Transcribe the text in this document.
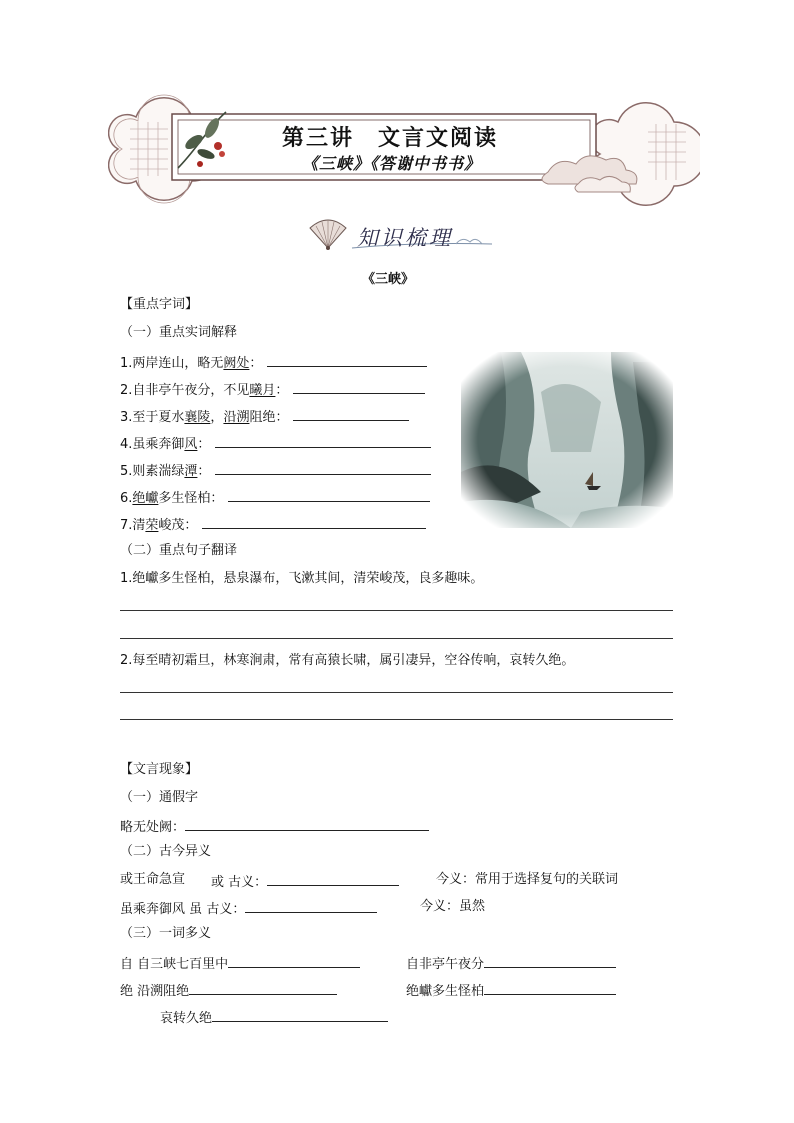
第三讲　文言文阅读
《三峡》《答谢中书书》
知识梳理
《三峡》
【重点字词】
（一）重点实词解释
1.两岸连山，略无阙处：
2.自非亭午夜分，不见曦月：
3.至于夏水襄陵，沿溯阻绝：
4.虽乘奔御风：
5.则素湍绿潭：
6.绝巘多生怪柏：
7.清荣峻茂：
（二）重点句子翻译
1.绝巘多生怪柏，悬泉瀑布，飞漱其间，清荣峻茂，良多趣味。
2.每至晴初霜旦，林寒涧肃，常有高猿长啸，属引凄异，空谷传响，哀转久绝。
【文言现象】
（一）通假字
略无处阙：
（二）古今异义
或王命急宣 或 古义：	今义：常用于选择复句的关联词
虽乘奔御风 虽 古义：	今义：虽然
（三）一词多义
自 自三峡七百里中	自非亭午夜分
绝 沿溯阻绝	绝巘多生怪柏
哀转久绝
